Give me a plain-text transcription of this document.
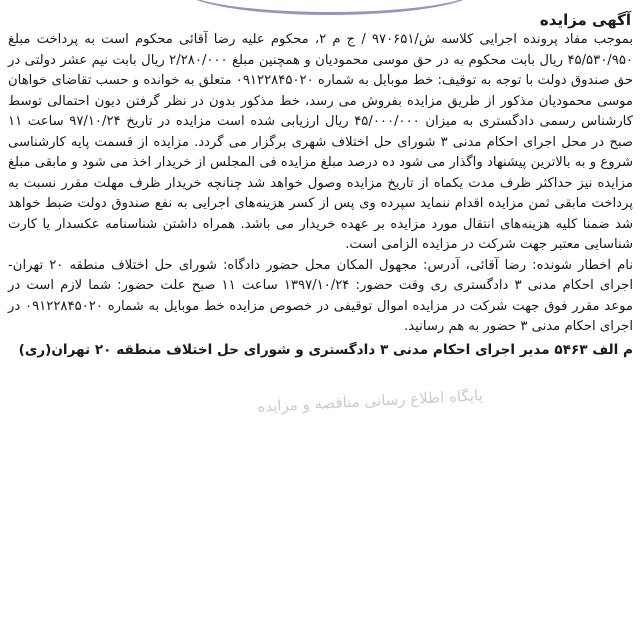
آگهی مزایده

بموجب مفاد پرونده اجرایی کلاسه ش/۹۷۰۶۵۱ / ج م ۲، محکوم علیه رضا آقائی محکوم است به پرداخت مبلغ ۴۵/۵۳۰/۹۵۰ ریال بابت محکوم به در حق موسی محمودیان و همچنین مبلغ ۲/۲۸۰/۰۰۰ ریال بابت نیم عشر دولتی در حق صندوق دولت با توجه به توقیف: خط موبایل به شماره ۰۹۱۲۲۸۴۵۰۲۰ متعلق به خوانده و حسب تقاضای خواهان موسی محمودیان مذکور از طریق مزایده بفروش می رسد، خط مذکور بدون در نظر گرفتن دیون احتمالی توسط کارشناس رسمی دادگستری به میزان ۴۵/۰۰۰/۰۰۰ ریال ارزیابی شده است مزایده در تاریخ ۹۷/۱۰/۲۴ ساعت ۱۱ صبح در محل اجرای احکام مدنی ۳ شورای حل اختلاف شهری برگزار می گردد. مزایده از قسمت پایه کارشناسی شروع و به بالاترین پیشنهاد واگذار می شود ده درصد مبلغ مزایده فی المجلس از خریدار اخذ می شود و مابقی مبلغ مزایده نیز حداکثر ظرف مدت یکماه از تاریخ مزایده وصول خواهد شد چنانچه خریدار ظرف مهلت مقرر نسبت به پرداخت مابقی ثمن مزایده اقدام ننماید سپرده وی پس از کسر هزینه‌های اجرایی به نفع صندوق دولت ضبط خواهد شد ضمنا کلیه هزینه‌های انتقال مورد مزایده بر عهده خریدار می باشد. همراه داشتن شناسنامه عکسدار یا کارت شناسایی معتبر جهت شرکت در مزایده الزامی است.

نام اخطار شونده: رضا آقائی، آدرس: مجهول المکان محل حضور دادگاه: شورای حل اختلاف منطقه ۲۰ تهران- اجرای احکام مدنی ۳ دادگستری ری وقت حضور: ۱۳۹۷/۱۰/۲۴ ساعت ۱۱ صبح علت حضور: شما لازم است در موعد مقرر فوق جهت شرکت در مزایده اموال توقیفی در خصوص مزایده خط موبایل به شماره ۰۹۱۲۲۸۴۵۰۲۰ در اجرای احکام مدنی ۳ حضور به هم رسانید.

م الف ۵۴۶۳ مدیر اجرای احکام مدنی ۳ دادگستری و شورای حل اختلاف منطقه ۲۰ تهران(ری)

پایگاه اطلاع رسانی مناقصه و مزایده
